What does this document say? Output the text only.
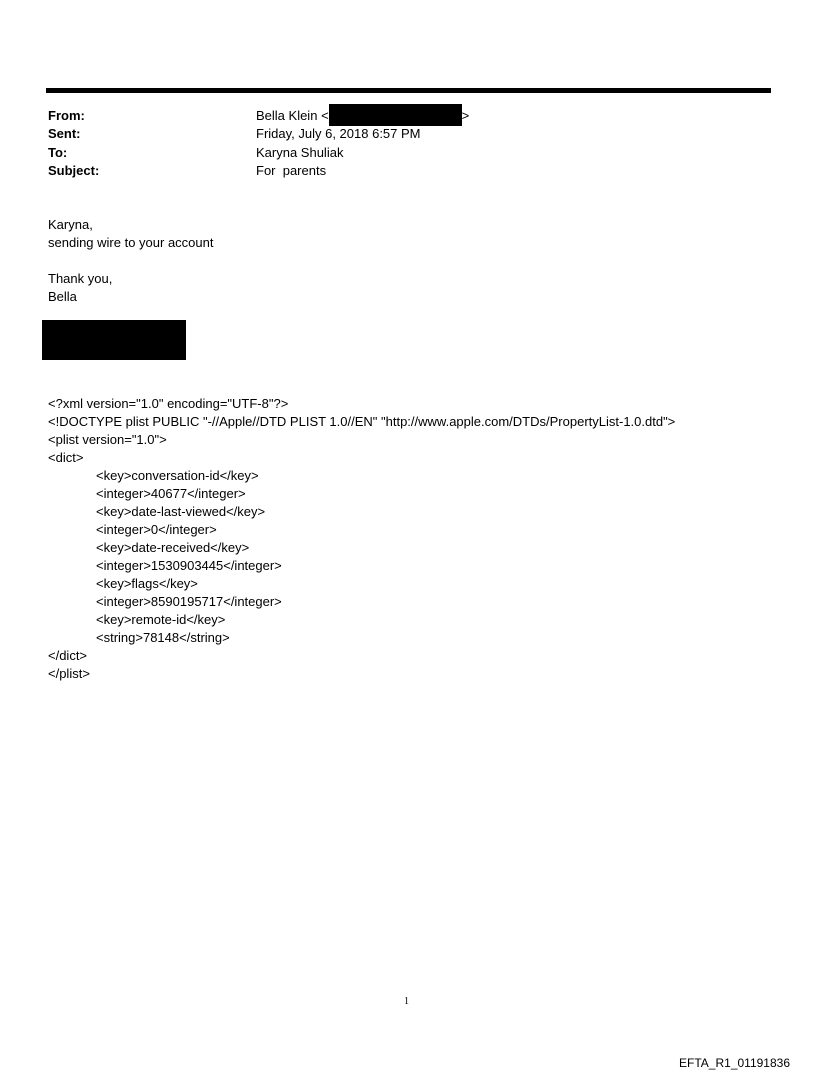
From:	Bella Klein <	>
Sent:	Friday, July 6, 2018 6:57 PM
To:	Karyna Shuliak
Subject:	For  parents
Karyna,
sending wire to your account
Thank you,
Bella
<?xml version="1.0" encoding="UTF-8"?>
<!DOCTYPE plist PUBLIC "-//Apple//DTD PLIST 1.0//EN" "http://www.apple.com/DTDs/PropertyList-1.0.dtd">
<plist version="1.0">
<dict>
<key>conversation-id</key>
<integer>40677</integer>
<key>date-last-viewed</key>
<integer>0</integer>
<key>date-received</key>
<integer>1530903445</integer>
<key>flags</key>
<integer>8590195717</integer>
<key>remote-id</key>
<string>78148</string>
</dict>
</plist>
1
EFTA_R1_01191836
